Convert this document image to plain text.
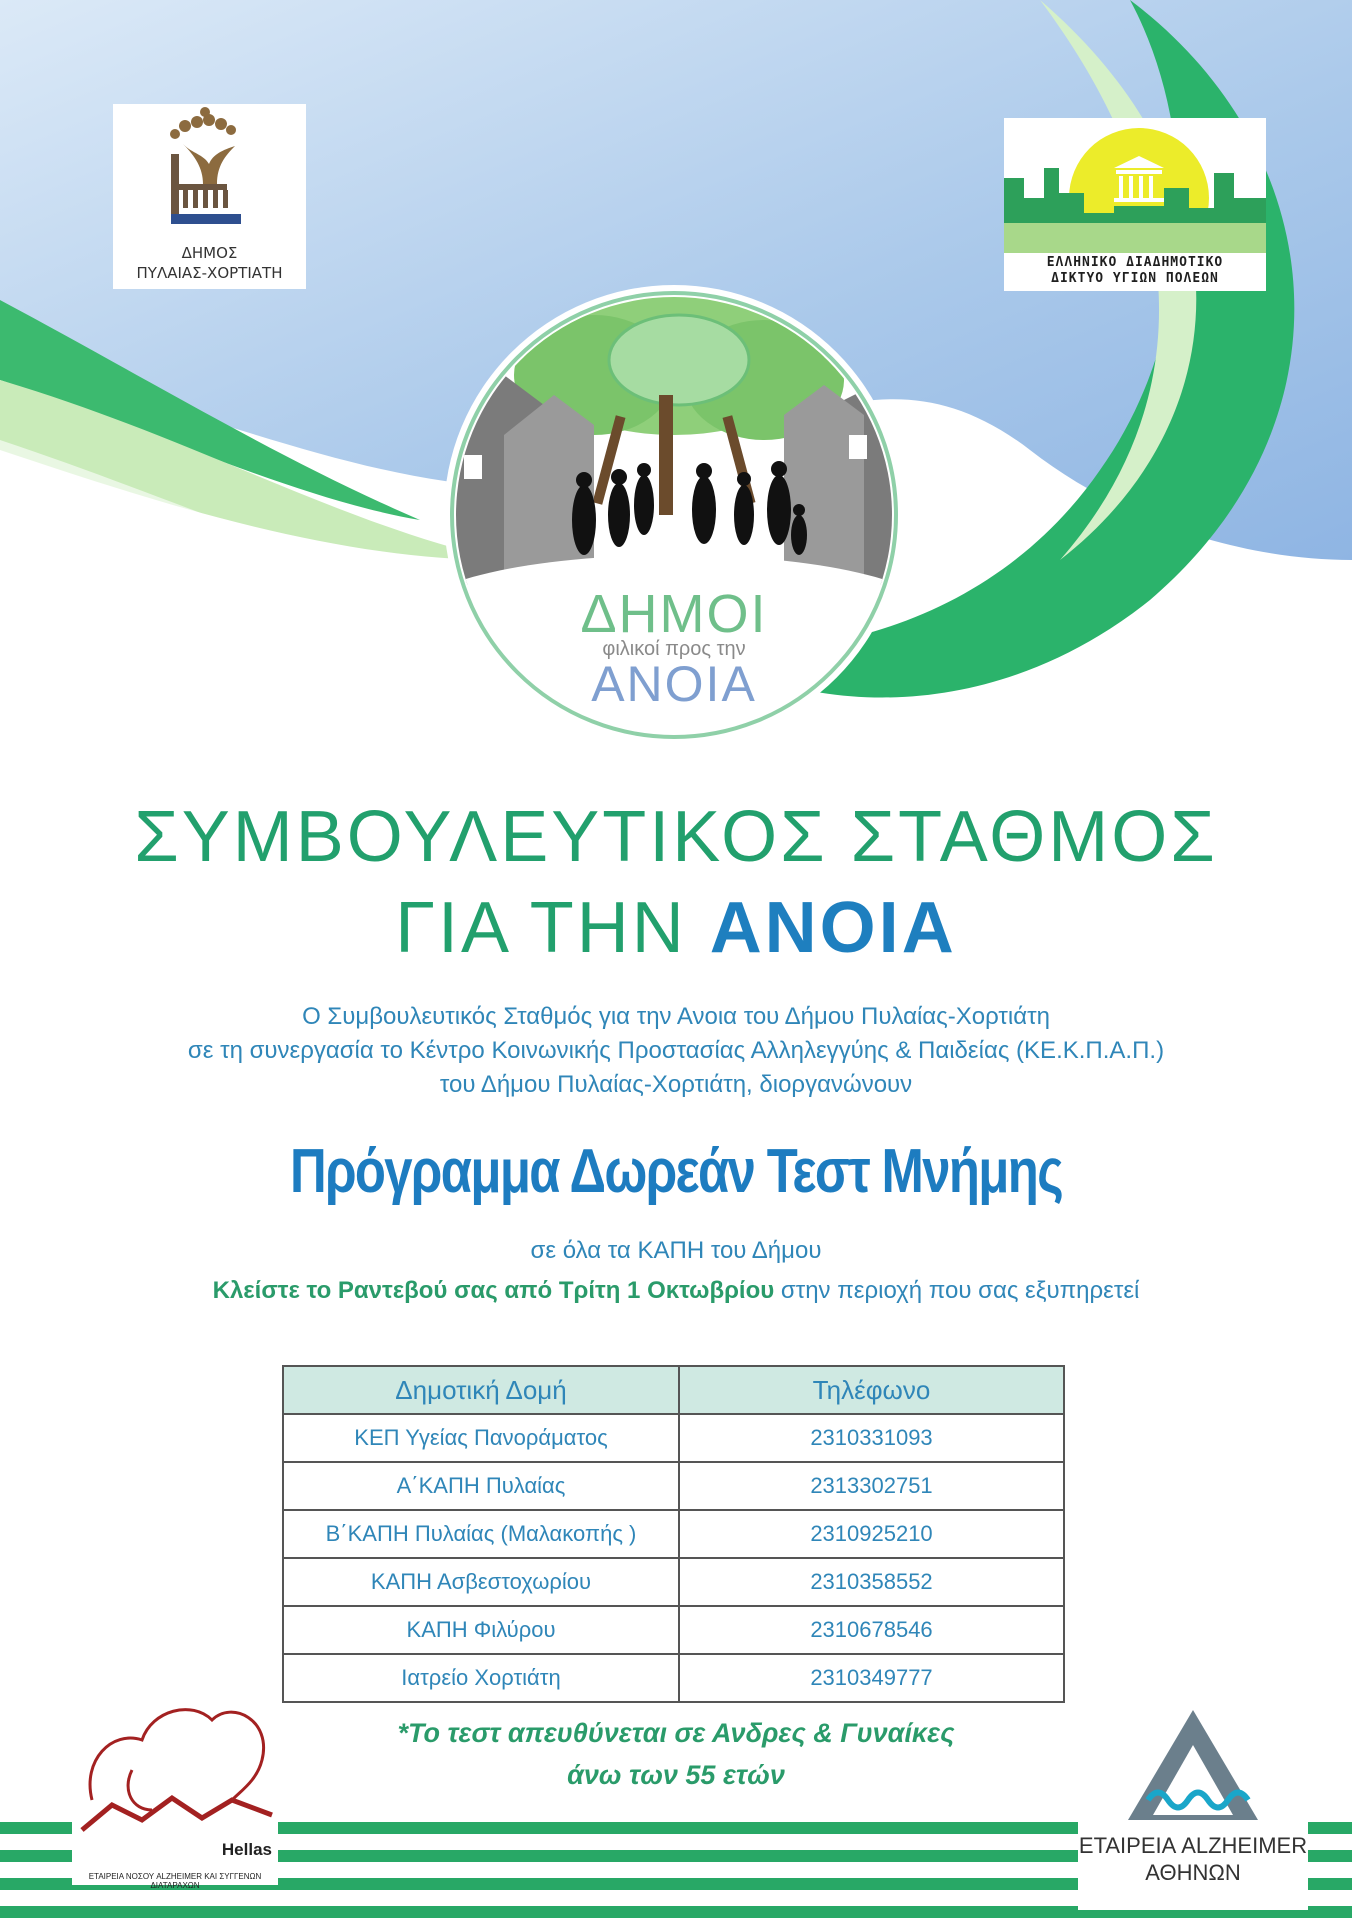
ΔΗΜΟΣ
ΠΥΛΑΙΑΣ-ΧΟΡΤΙΑΤΗ
ΕΛΛΗΝΙΚΟ ΔΙΑΔΗΜΟΤΙΚΟ
ΔΙΚΤΥΟ ΥΓΙΩΝ ΠΟΛΕΩΝ
ΔΗΜΟΙ
φιλικοί προς την
ΑΝΟΙΑ
ΣΥΜΒΟΥΛΕΥΤΙΚΟΣ ΣΤΑΘΜΟΣ
ΓΙΑ ΤΗΝ ΑΝΟΙΑ
Ο Συμβουλευτικός Σταθμός για την Ανοια του Δήμου Πυλαίας-Χορτιάτη
σε τη συνεργασία το Κέντρο Κοινωνικής Προστασίας Αλληλεγγύης & Παιδείας (ΚΕ.Κ.Π.Α.Π.)
του Δήμου Πυλαίας-Χορτιάτη, διοργανώνουν
Πρόγραμμα Δωρεάν Τεστ Μνήμης
σε όλα τα ΚΑΠΗ του Δήμου
Κλείστε το Ραντεβού σας από Τρίτη 1 Οκτωβρίου στην περιοχή που σας εξυπηρετεί
Δημοτική Δομή	Τηλέφωνο
ΚΕΠ Υγείας Πανοράματος	2310331093
Α΄ΚΑΠΗ Πυλαίας	2313302751
Β΄ΚΑΠΗ Πυλαίας (Μαλακοπής )	2310925210
ΚΑΠΗ Ασβεστοχωρίου	2310358552
ΚΑΠΗ Φιλύρου	2310678546
Ιατρείο Χορτιάτη	2310349777
*Το τεστ απευθύνεται σε Ανδρες & Γυναίκες
άνω των 55 ετών
Hellas
ΕΤΑΙΡΕΙΑ ΝΟΣΟΥ ALZHEIMER ΚΑΙ ΣΥΓΓΕΝΩΝ ΔΙΑΤΑΡΑΧΩΝ
ΕΤΑΙΡΕΙΑ ALZHEIMER
ΑΘΗΝΩΝ
